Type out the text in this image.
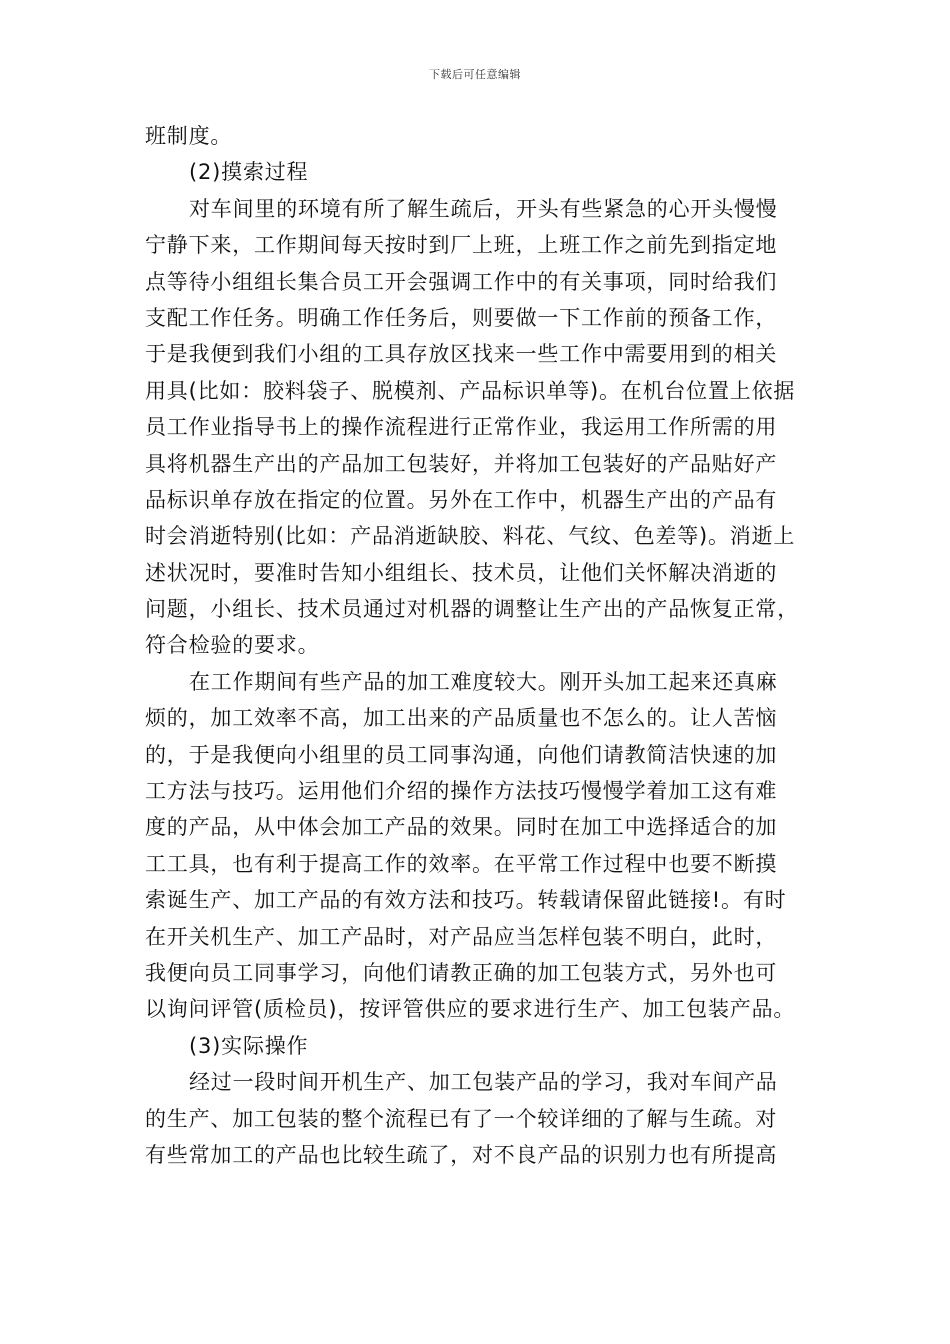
下载后可任意编辑
班制度。
(2)摸索过程
对车间里的环境有所了解生疏后，开头有些紧急的心开头慢慢
宁静下来，工作期间每天按时到厂上班，上班工作之前先到指定地
点等待小组组长集合员工开会强调工作中的有关事项，同时给我们
支配工作任务。明确工作任务后，则要做一下工作前的预备工作，
于是我便到我们小组的工具存放区找来一些工作中需要用到的相关
用具(比如：胶料袋子、脱模剂、产品标识单等)。在机台位置上依据
员工作业指导书上的操作流程进行正常作业，我运用工作所需的用
具将机器生产出的产品加工包装好，并将加工包装好的产品贴好产
品标识单存放在指定的位置。另外在工作中，机器生产出的产品有
时会消逝特别(比如：产品消逝缺胶、料花、气纹、色差等)。消逝上
述状况时，要准时告知小组组长、技术员，让他们关怀解决消逝的
问题，小组长、技术员通过对机器的调整让生产出的产品恢复正常，
符合检验的要求。
在工作期间有些产品的加工难度较大。刚开头加工起来还真麻
烦的，加工效率不高，加工出来的产品质量也不怎么的。让人苦恼
的，于是我便向小组里的员工同事沟通，向他们请教简洁快速的加
工方法与技巧。运用他们介绍的操作方法技巧慢慢学着加工这有难
度的产品，从中体会加工产品的效果。同时在加工中选择适合的加
工工具，也有利于提高工作的效率。在平常工作过程中也要不断摸
索诞生产、加工产品的有效方法和技巧。转载请保留此链接!。有时
在开关机生产、加工产品时，对产品应当怎样包装不明白，此时，
我便向员工同事学习，向他们请教正确的加工包装方式，另外也可
以询问评管(质检员)，按评管供应的要求进行生产、加工包装产品。
(3)实际操作
经过一段时间开机生产、加工包装产品的学习，我对车间产品
的生产、加工包装的整个流程已有了一个较详细的了解与生疏。对
有些常加工的产品也比较生疏了，对不良产品的识别力也有所提高
